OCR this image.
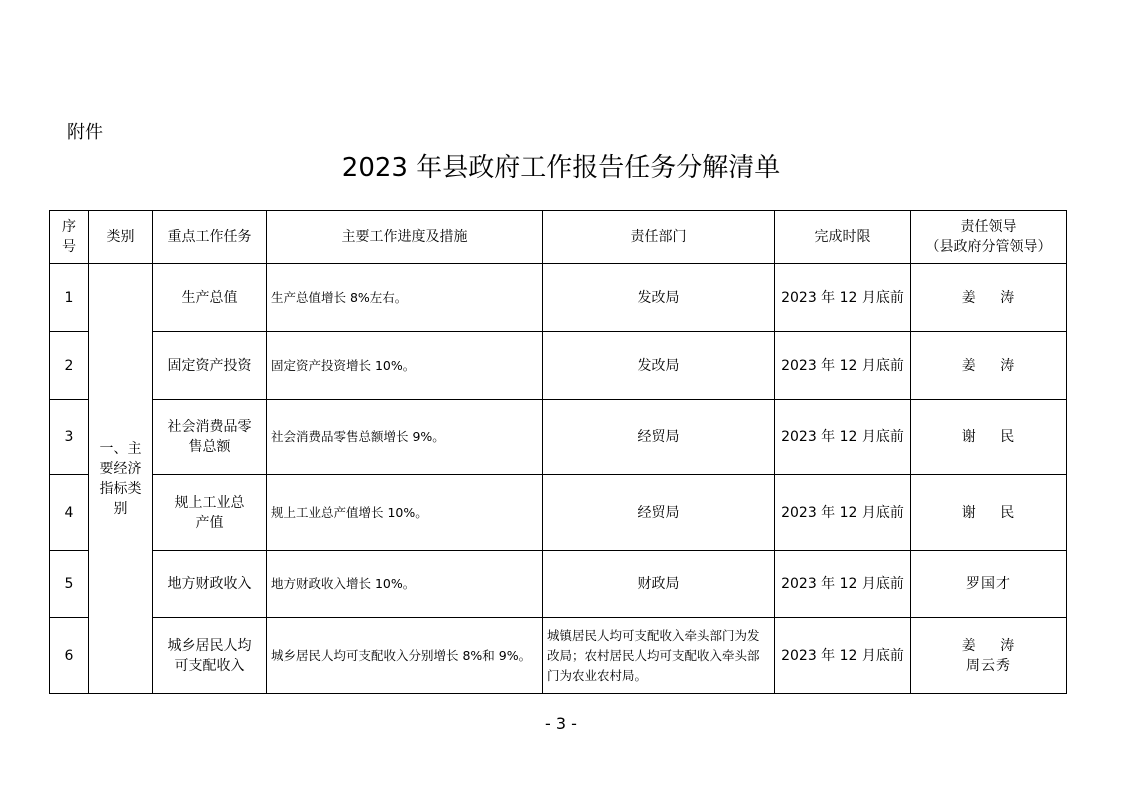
附件
2023 年县政府工作报告任务分解清单
序号	类别	重点工作任务	主要工作进度及措施	责任部门	完成时限	责任领导
（县政府分管领导）

1	一、主要经济指标类别	生产总值	生产总值增长 8%左右。	发改局	2023 年 12 月底前	姜 涛
2		固定资产投资	固定资产投资增长 10%。	发改局	2023 年 12 月底前	姜 涛
3		社会消费品零售总额	社会消费品零售总额增长 9%。	经贸局	2023 年 12 月底前	谢 民
4		规上工业总产值	规上工业总产值增长 10%。	经贸局	2023 年 12 月底前	谢 民
5		地方财政收入	地方财政收入增长 10%。	财政局	2023 年 12 月底前	罗国才
6		城乡居民人均可支配收入	城乡居民人均可支配收入分别增长 8%和 9%。	城镇居民人均可支配收入牵头部门为发改局；农村居民人均可支配收入牵头部门为农业农村局。	2023 年 12 月底前	姜 涛
周云秀
- 3 -
